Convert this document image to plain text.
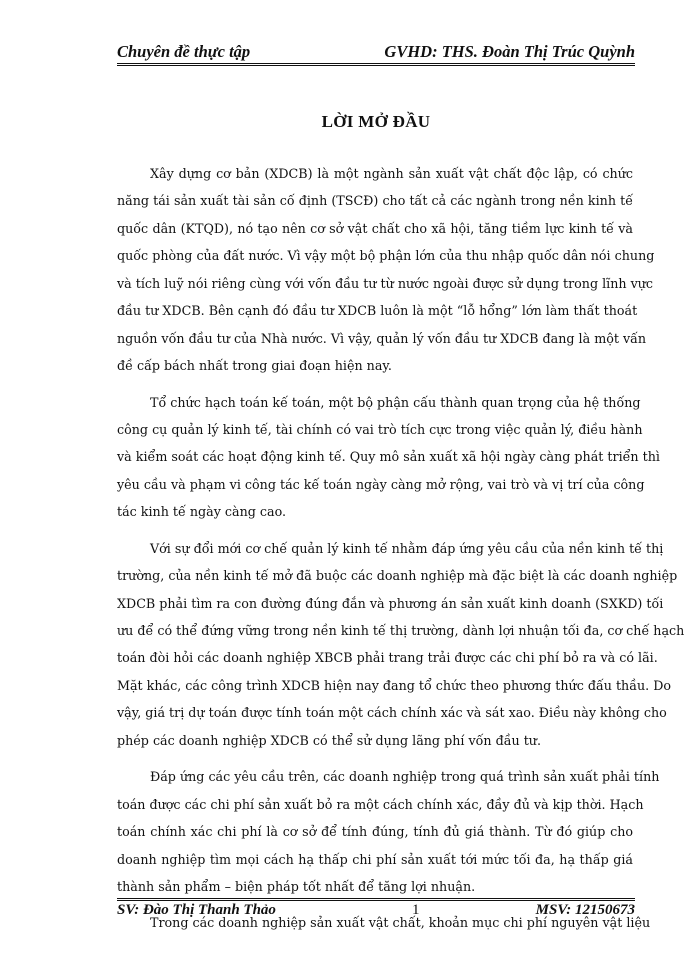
Chuyên đề thực tập	GVHD: THS. Đoàn Thị Trúc Quỳnh
LỜI MỞ ĐẦU
Xây dựng cơ bản (XDCB) là một ngành sản xuất vật chất độc lập, có chức
năng tái sản xuất tài sản cố định (TSCĐ) cho tất cả các ngành trong nền kinh tế
quốc dân (KTQD), nó tạo nên cơ sở vật chất cho xã hội, tăng tiềm lực kinh tế và
quốc phòng của đất nước. Vì vậy một bộ phận lớn của thu nhập quốc dân nói chung
và tích luỹ nói riêng cùng với vốn đầu tư từ nước ngoài được sử dụng trong lĩnh vực
đầu tư XDCB. Bên cạnh đó đầu tư XDCB luôn là một “lỗ hổng” lớn làm thất thoát
nguồn vốn đầu tư của Nhà nước. Vì vậy, quản lý vốn đầu tư XDCB đang là một vấn
đề cấp bách nhất trong giai đoạn hiện nay.
Tổ chức hạch toán kế toán, một bộ phận cấu thành quan trọng của hệ thống
công cụ quản lý kinh tế, tài chính có vai trò tích cực trong việc quản lý, điều hành
và kiểm soát các hoạt động kinh tế. Quy mô sản xuất xã hội ngày càng phát triển thì
yêu cầu và phạm vi công tác kế toán ngày càng mở rộng, vai trò và vị trí của công
tác kinh tế ngày càng cao.
Với sự đổi mới cơ chế quản lý kinh tế nhằm đáp ứng yêu cầu của nền kinh tế thị
trường, của nền kinh tế mở đã buộc các doanh nghiệp mà đặc biệt là các doanh nghiệp
XDCB phải tìm ra con đường đúng đắn và phương án sản xuất kinh doanh (SXKD) tối
ưu để có thể đứng vững trong nền kinh tế thị trường, dành lợi nhuận tối đa, cơ chế hạch
toán đòi hỏi các doanh nghiệp XBCB phải trang trải được các chi phí bỏ ra và có lãi.
Mặt khác, các công trình XDCB hiện nay đang tổ chức theo phương thức đấu thầu. Do
vậy, giá trị dự toán được tính toán một cách chính xác và sát xao. Điều này không cho
phép các doanh nghiệp XDCB có thể sử dụng lãng phí vốn đầu tư.
Đáp ứng các yêu cầu trên, các doanh nghiệp trong quá trình sản xuất phải tính
toán được các chi phí sản xuất bỏ ra một cách chính xác, đầy đủ và kịp thời. Hạch
toán chính xác chi phí là cơ sở để tính đúng, tính đủ giá thành. Từ đó giúp cho
doanh nghiệp tìm mọi cách hạ thấp chi phí sản xuất tới mức tối đa, hạ thấp giá
thành sản phẩm – biện pháp tốt nhất để tăng lợi nhuận.
Trong các doanh nghiệp sản xuất vật chất, khoản mục chi phí nguyên vật liệu
SV: Đào Thị Thanh Thảo	1	MSV: 12150673
